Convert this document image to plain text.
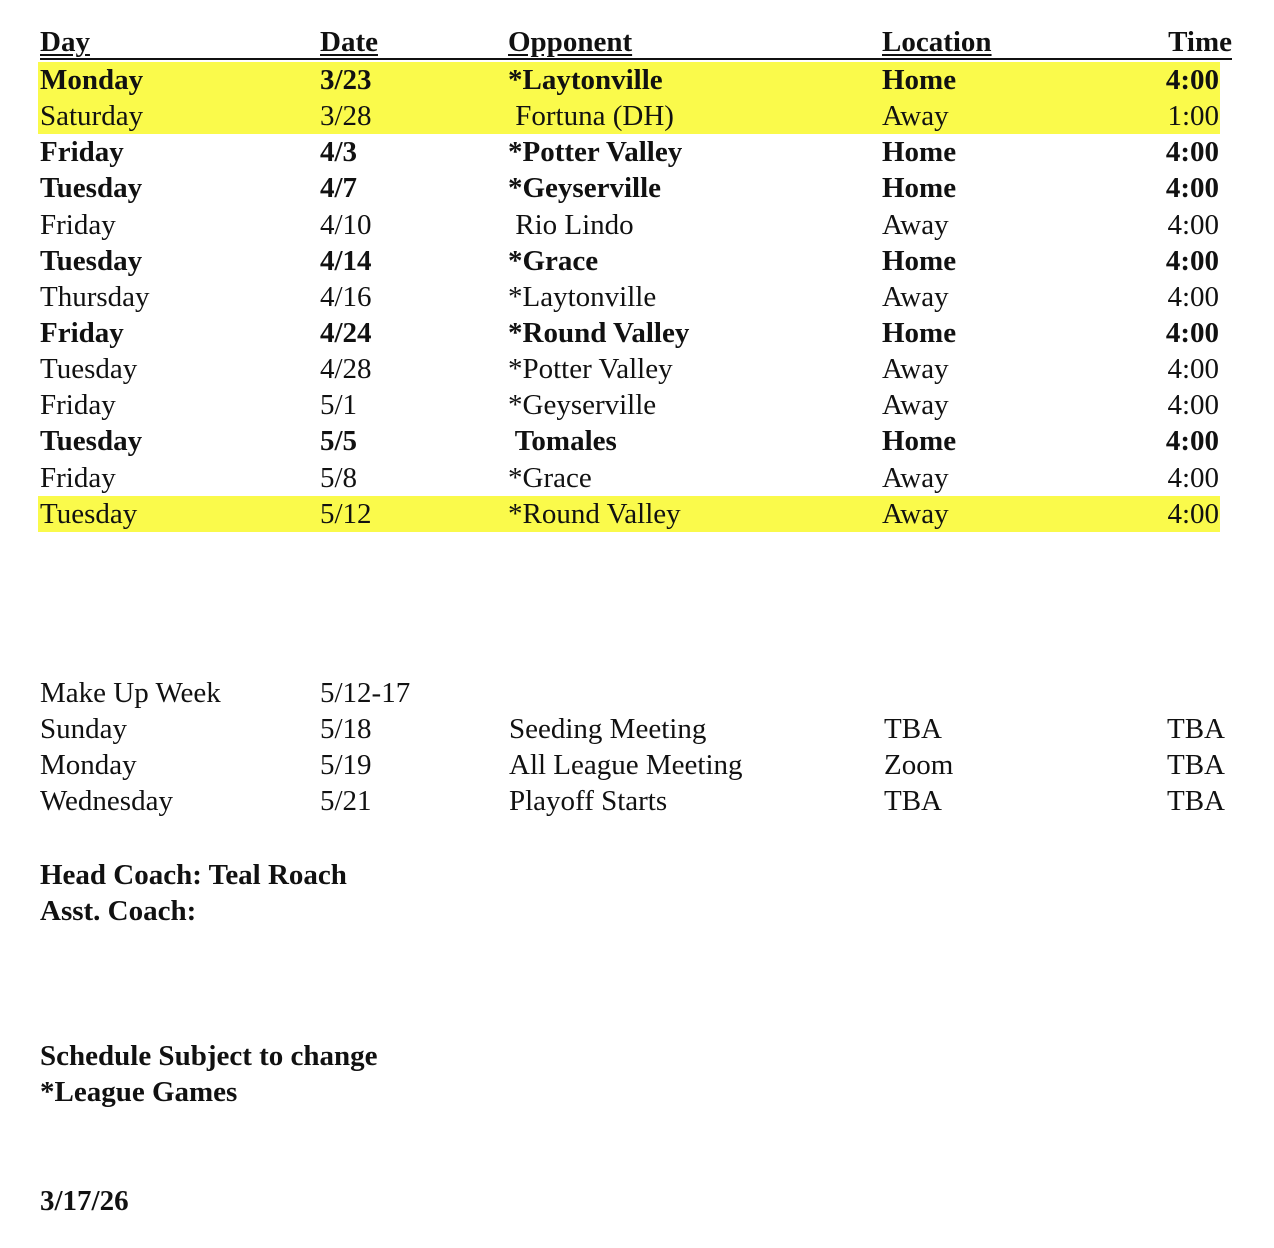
Day	Date	Opponent	Location	Time
Monday	3/23	*Laytonville	Home	4:00
Saturday	3/28	Fortuna (DH)	Away	1:00
Friday	4/3	*Potter Valley	Home	4:00
Tuesday	4/7	*Geyserville	Home	4:00
Friday	4/10	Rio Lindo	Away	4:00
Tuesday	4/14	*Grace	Home	4:00
Thursday	4/16	*Laytonville	Away	4:00
Friday	4/24	*Round Valley	Home	4:00
Tuesday	4/28	*Potter Valley	Away	4:00
Friday	5/1	*Geyserville	Away	4:00
Tuesday	5/5	Tomales	Home	4:00
Friday	5/8	*Grace	Away	4:00
Tuesday	5/12	*Round Valley	Away	4:00
Make Up Week	5/12-17
Sunday	5/18	Seeding Meeting	TBA	TBA
Monday	5/19	All League Meeting	Zoom	TBA
Wednesday	5/21	Playoff Starts	TBA	TBA
Head Coach: Teal Roach
Asst. Coach:
Schedule Subject to change
*League Games
3/17/26
